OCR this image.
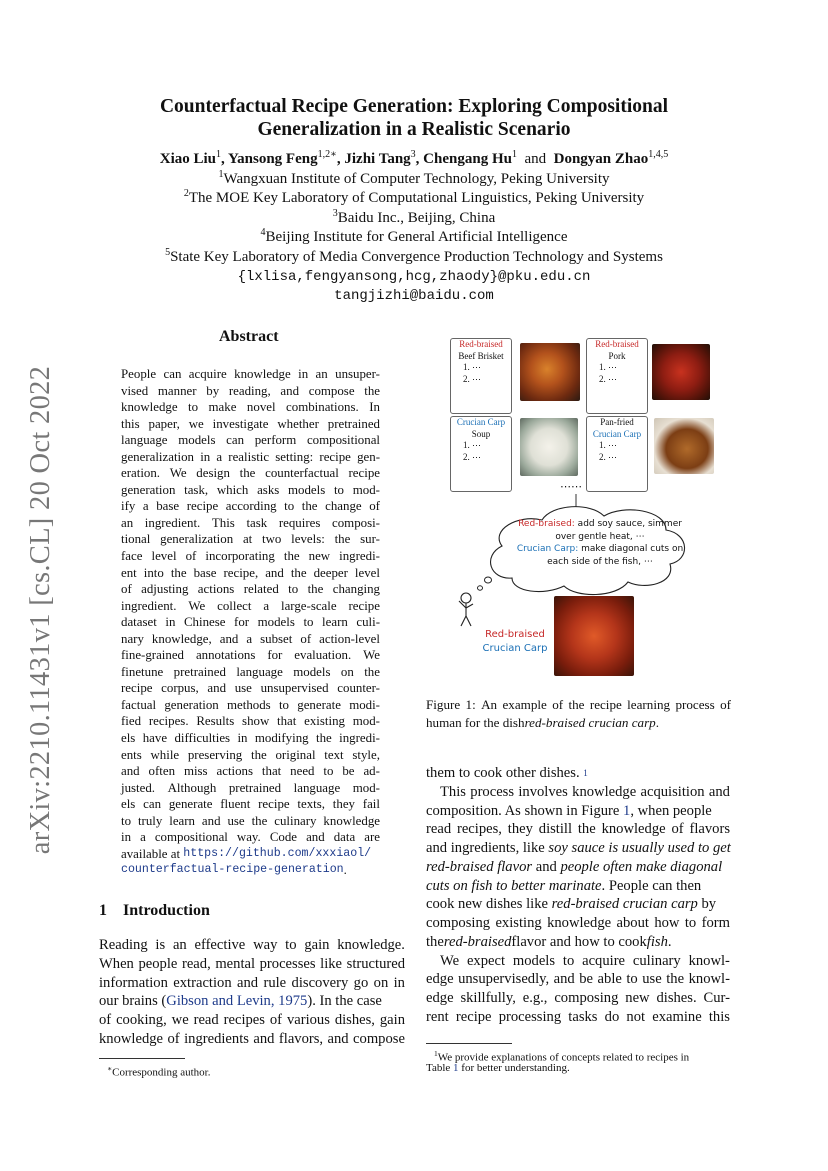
arXiv:2210.11431v1 [cs.CL] 20 Oct 2022
Counterfactual Recipe Generation: Exploring Compositional
Generalization in a Realistic Scenario
Xiao Liu$^1$, Yansong Feng$^{1,2∗}$, Jizhi Tang$^3$, Chengang Hu$^1$ and Dongyan Zhao$^{1,4,5}$
$^1$Wangxuan Institute of Computer Technology, Peking University
$^2$The MOE Key Laboratory of Computational Linguistics, Peking University
$^3$Baidu Inc., Beijing, China
$^4$Beijing Institute for General Artificial Intelligence
$^5$State Key Laboratory of Media Convergence Production Technology and Systems
{lxlisa,fengyansong,hcg,zhaody}@pku.edu.cn
tangjizhi@baidu.com
Abstract
People can acquire knowledge in an unsuper-
vised manner by reading, and compose the
knowledge to make novel combinations. In
this paper, we investigate whether pretrained
language models can perform compositional
generalization in a realistic setting: recipe gen-
eration. We design the counterfactual recipe
generation task, which asks models to mod-
ify a base recipe according to the change of
an ingredient. This task requires composi-
tional generalization at two levels: the sur-
face level of incorporating the new ingredi-
ent into the base recipe, and the deeper level
of adjusting actions related to the changing
ingredient. We collect a large-scale recipe
dataset in Chinese for models to learn culi-
nary knowledge, and a subset of action-level
fine-grained annotations for evaluation. We
finetune pretrained language models on the
recipe corpus, and use unsupervised counter-
factual generation methods to generate modi-
fied recipes. Results show that existing mod-
els have difficulties in modifying the ingredi-
ents while preserving the original text style,
and often miss actions that need to be ad-
justed. Although pretrained language mod-
els can generate fluent recipe texts, they fail
to truly learn and use the culinary knowledge
in a compositional way. Code and data are
available at
https://github.com/xxxiaol/
counterfactual-recipe-generation .
1 Introduction
Reading is an effective way to gain knowledge.
When people read, mental processes like structured
information extraction and rule discovery go on in
our brains ( Gibson and Levin, 1975 ). In the case
of cooking, we read recipes of various dishes, gain
knowledge of ingredients and flavors, and compose
∗Corresponding author.
Red-braised
Beef Brisket
1. ⋯
2. ⋯
Red-braised
Pork
1. ⋯
2. ⋯
Crucian Carp
Soup
1. ⋯
2. ⋯
Pan-fried
Crucian Carp
1. ⋯
2. ⋯
⋯⋯
Red-braised: add soy sauce, simmer
over gentle heat, ⋯
Crucian Carp: make diagonal cuts on
each side of the fish, ⋯
Red-braised
Crucian Carp
Figure 1: An example of the recipe learning process of
human for the dish red-braised crucian carp .
them to cook other dishes.
1
This process involves knowledge acquisition and
composition. As shown in Figure 1, when people
read recipes, they distill the knowledge of flavors
and ingredients, like soy sauce is usually used to get
red-braised flavor and people often make diagonal
cuts on fish to better marinate. People can then
cook new dishes like red-braised crucian carp by
composing existing knowledge about how to form
the red-braised flavor and how to cook fish .
We expect models to acquire culinary knowl-
edge unsupervisedly, and be able to use the knowl-
edge skillfully, e.g., composing new dishes. Cur-
rent recipe processing tasks do not examine this
$^1$We provide explanations of concepts related to recipes in
Table 1 for better understanding.
